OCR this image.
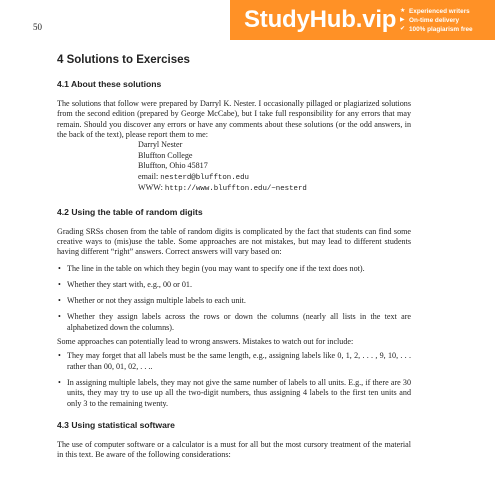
50	StudyHub.vip ★ Experienced writers
▶ On-time delivery
✔ 100% plagiarism free
4 Solutions to Exercises
4.1 About these solutions

The solutions that follow were prepared by Darryl K. Nester. I occasionally pillaged or plagiarized solutions from the second edition (prepared by George McCabe), but I take full responsibility for any errors that may remain. Should you discover any errors or have any comments about these solutions (or the odd answers, in the back of the text), please report them to me:

Darryl Nester
Bluffton College
Bluffton, Ohio 45817
email: nesterd@bluffton.edu
WWW: http://www.bluffton.edu/~nesterd
4.2 Using the table of random digits

Grading SRSs chosen from the table of random digits is complicated by the fact that students can find some creative ways to (mis)use the table. Some approaches are not mistakes, but may lead to different students having different “right” answers. Correct answers will vary based on:

• The line in the table on which they begin (you may want to specify one if the text does not).
• Whether they start with, e.g., 00 or 01.
• Whether or not they assign multiple labels to each unit.
• Whether they assign labels across the rows or down the columns (nearly all lists in the text are alphabetized down the columns).

Some approaches can potentially lead to wrong answers. Mistakes to watch out for include:

• They may forget that all labels must be the same length, e.g., assigning labels like 0, 1, 2, . . . , 9, 10, . . . rather than 00, 01, 02, . . ..
• In assigning multiple labels, they may not give the same number of labels to all units. E.g., if there are 30 units, they may try to use up all the two-digit numbers, thus assigning 4 labels to the first ten units and only 3 to the remaining twenty.
4.3 Using statistical software

The use of computer software or a calculator is a must for all but the most cursory treatment of the material in this text. Be aware of the following considerations:
